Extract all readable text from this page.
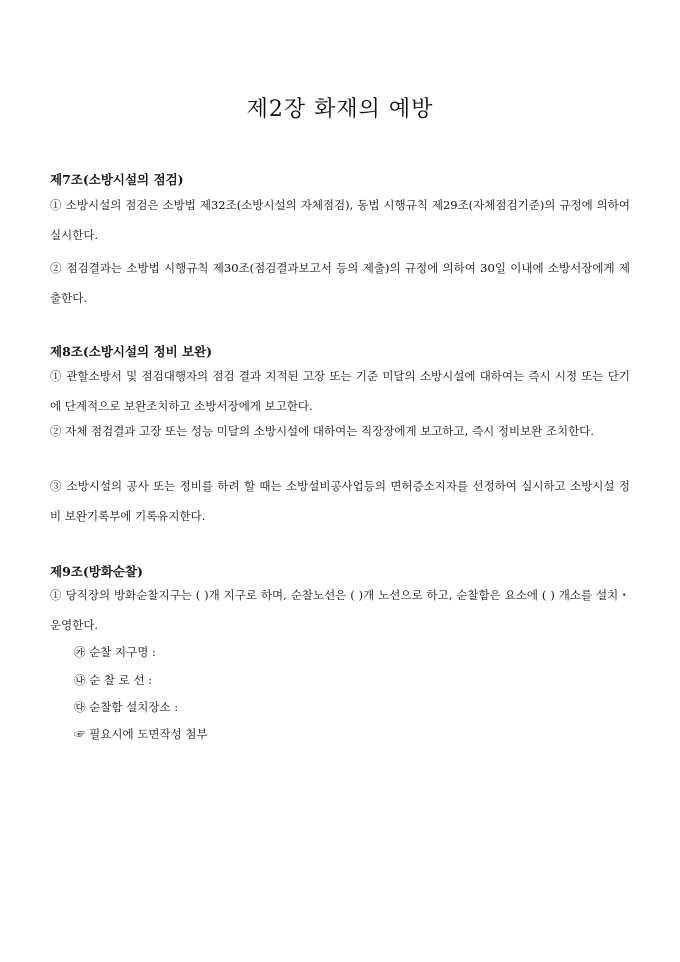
제2장 화재의 예방
제7조(소방시설의 점검)
① 소방시설의 점검은 소방법 제32조(소방시설의 자체점검), 동법 시행규칙 제29조(자체점검기준)의 규정에 의하여 실시한다.
② 점검결과는 소방법 시행규칙 제30조(점검결과보고서 등의 제출)의 규정에 의하여 30일 이내에 소방서장에게 제출한다.
제8조(소방시설의 정비 보완)
① 관할소방서 및 점검대행자의 점검 결과 지적된 고장 또는 기준 미달의 소방시설에 대하여는 즉시 시정 또는 단기에 단계적으로 보완조치하고 소방서장에게 보고한다.
② 자체 점검결과 고장 또는 성능 미달의 소방시설에 대하여는 직장장에게 보고하고, 즉시 정비보완 조치한다.
③ 소방시설의 공사 또는 정비를 하려 할 때는 소방설비공사업등의 면허증소지자를 선정하여 실시하고 소방시설 정비 보완기록부에 기록유지한다.
제9조(방화순찰)
① 당직장의 방화순찰지구는 ( )개 지구로 하며, 순찰노선은 ( )개 노선으로 하고, 순찰함은 요소에 ( ) 개소를 설치・운영한다.
㉮ 순찰 지구명 :
㉯ 순 찰 로 선 :
㉰ 순찰함 설치장소 :
☞ 필요시에 도면작성 첨부
